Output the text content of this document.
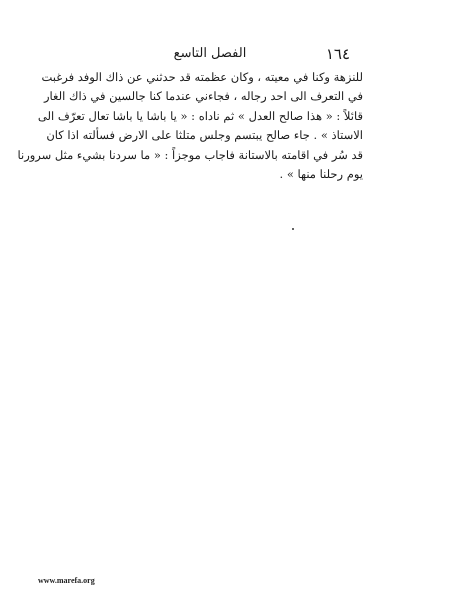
١٦٤
الفصل التاسع
للنزهة وكنا في معيته ، وكان عظمته قد حدثني عن ذاك الوفد فرغبت
في التعرف الى احد رجاله ، فجاءني عندما كنا جالسين في ذاك الغار
قائلاً : « هذا صالح العدل » ثم ناداه : « يا باشا يا باشا تعال تعرّف الى
الاستاذ » . جاء صالح يبتسم وجلس متلثا على الارض فسألته اذا كان
قد سُر في اقامته بالاستانة فاجاب موجزاً : « ما سردنا بشيء مثل سرورنا
يوم رحلنا منها » .
www.marefa.org
